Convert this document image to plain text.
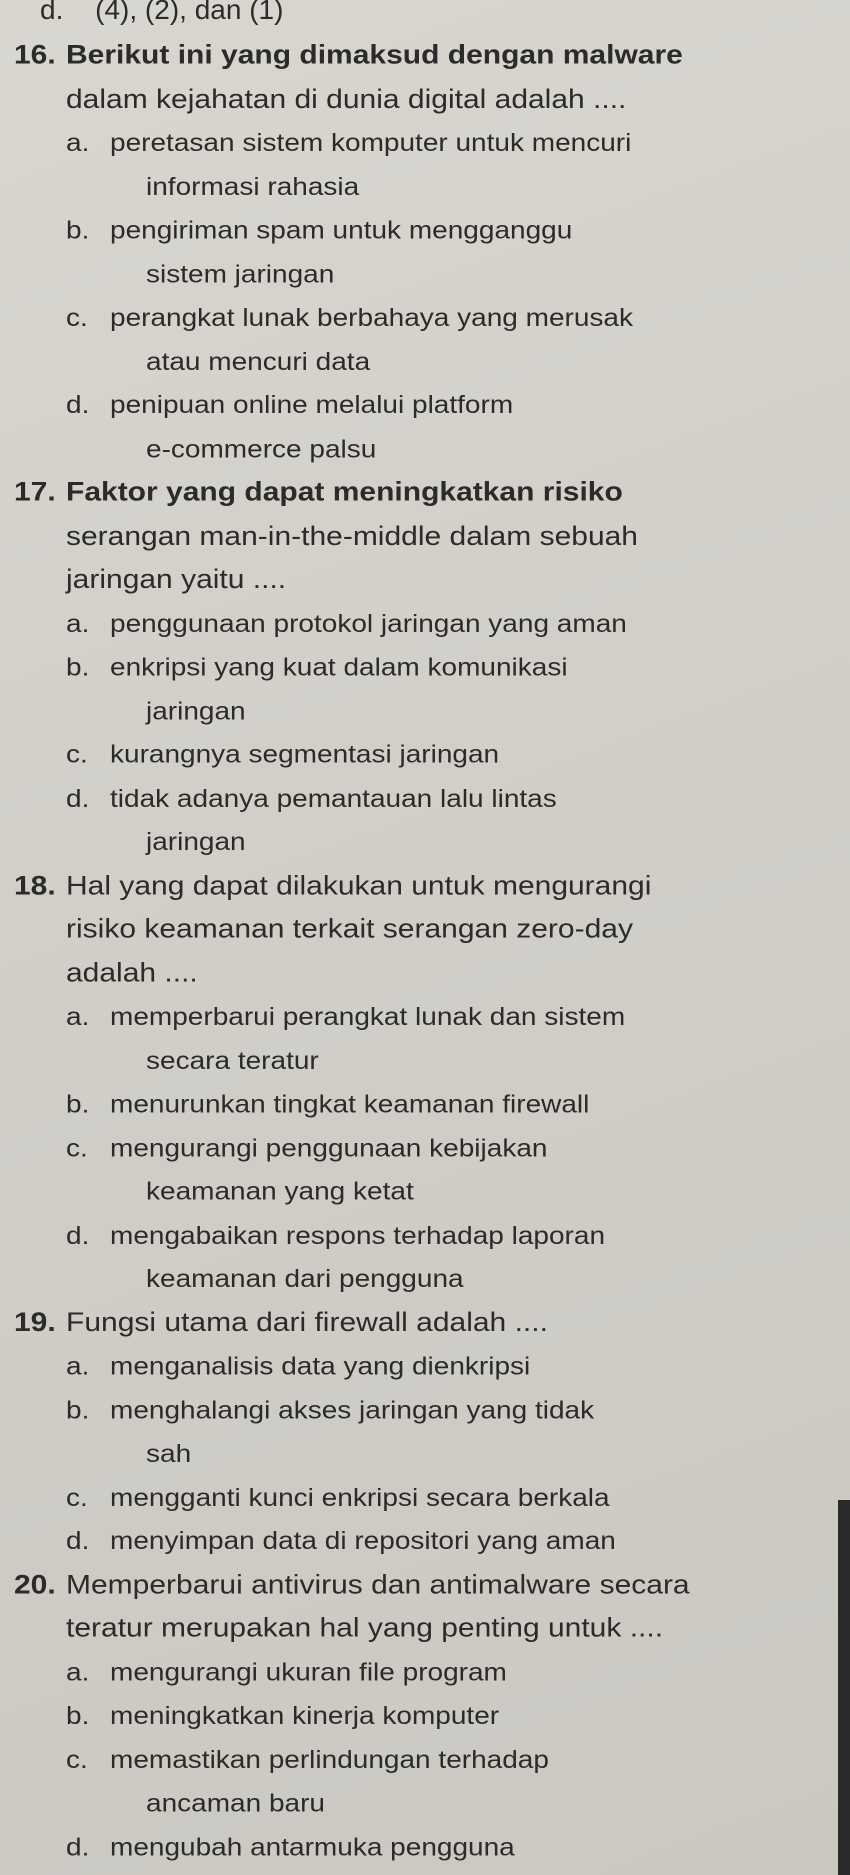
d. (4), (2), dan (1)
16. Berikut ini yang dimaksud dengan malware
dalam kejahatan di dunia digital adalah ....
a. peretasan sistem komputer untuk mencuri
informasi rahasia
b. pengiriman spam untuk mengganggu
sistem jaringan
c. perangkat lunak berbahaya yang merusak
atau mencuri data
d. penipuan online melalui platform
e-commerce palsu
17. Faktor yang dapat meningkatkan risiko
serangan man-in-the-middle dalam sebuah
jaringan yaitu ....
a. penggunaan protokol jaringan yang aman
b. enkripsi yang kuat dalam komunikasi
jaringan
c. kurangnya segmentasi jaringan
d. tidak adanya pemantauan lalu lintas
jaringan
18. Hal yang dapat dilakukan untuk mengurangi
risiko keamanan terkait serangan zero-day
adalah ....
a. memperbarui perangkat lunak dan sistem
secara teratur
b. menurunkan tingkat keamanan firewall
c. mengurangi penggunaan kebijakan
keamanan yang ketat
d. mengabaikan respons terhadap laporan
keamanan dari pengguna
19. Fungsi utama dari firewall adalah ....
a. menganalisis data yang dienkripsi
b. menghalangi akses jaringan yang tidak
sah
c. mengganti kunci enkripsi secara berkala
d. menyimpan data di repositori yang aman
20. Memperbarui antivirus dan antimalware secara
teratur merupakan hal yang penting untuk ....
a. mengurangi ukuran file program
b. meningkatkan kinerja komputer
c. memastikan perlindungan terhadap
ancaman baru
d. mengubah antarmuka pengguna
